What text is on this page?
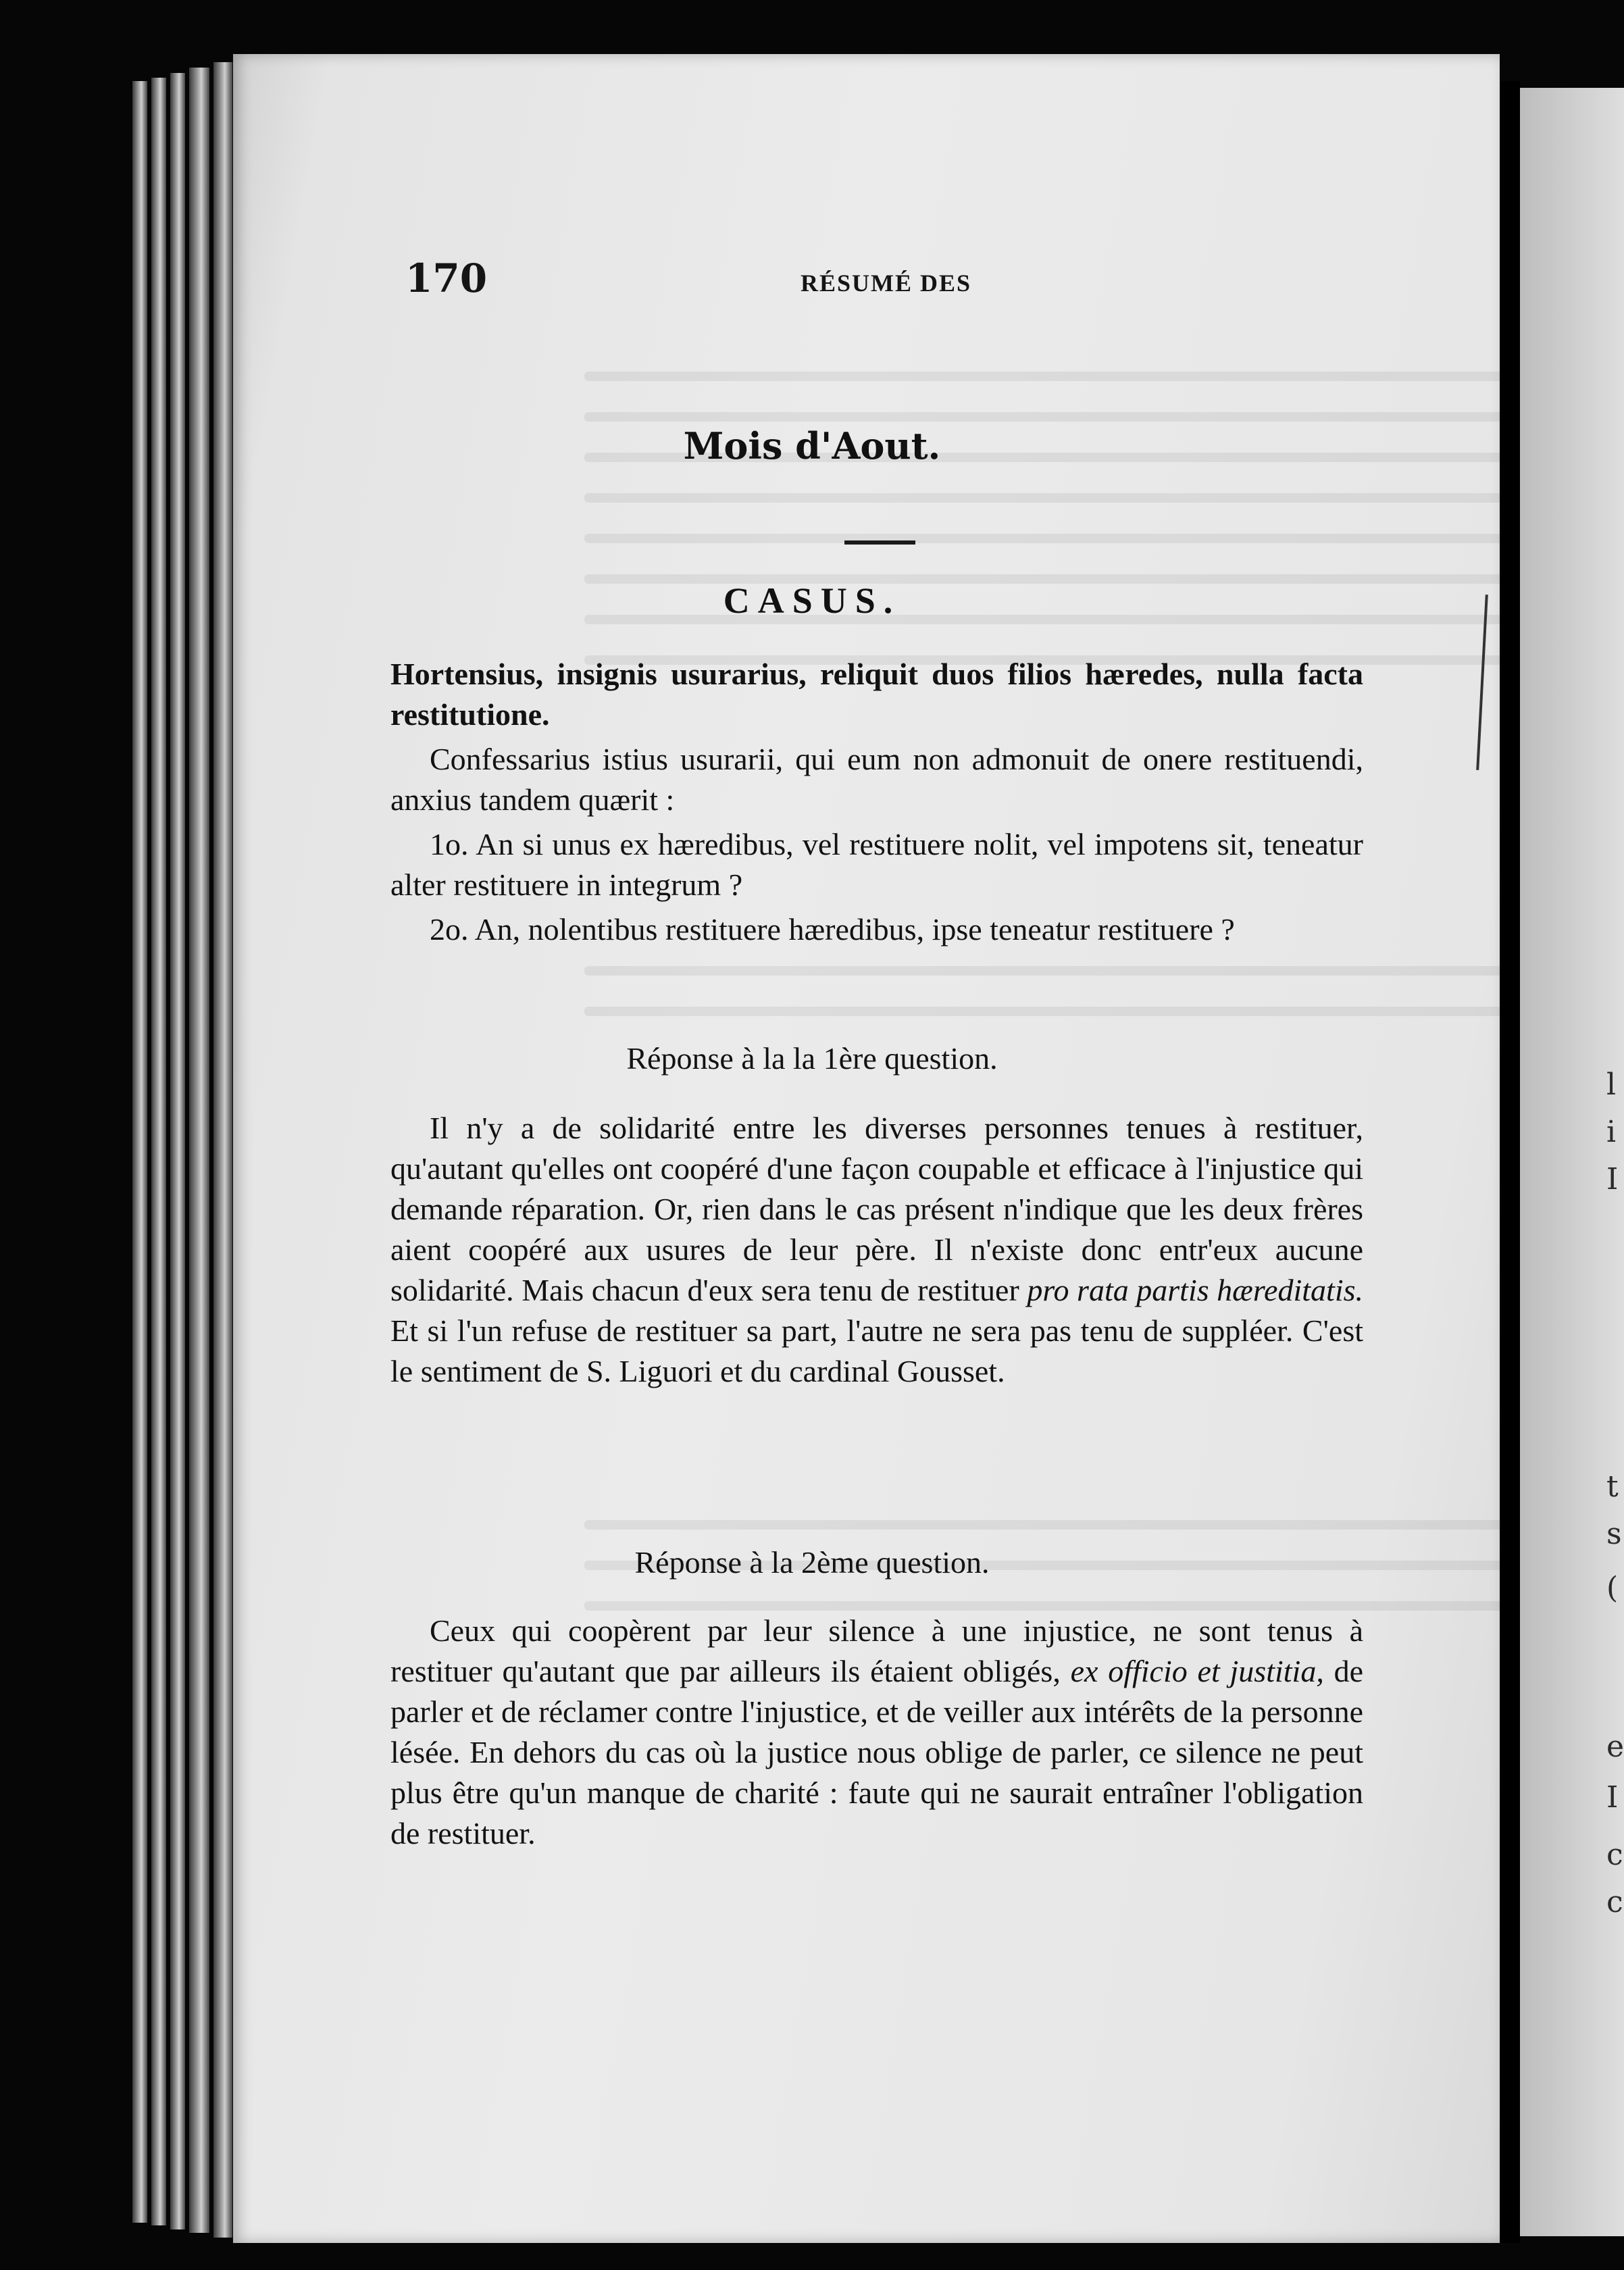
l
i
I
t
s
(
e
I
c
c
170	RÉSUMÉ DES
Mois d'Aout.
CASUS.

Hortensius, insignis usurarius, reliquit duos filios hæredes, nulla facta restitutione.

Confessarius istius usurarii, qui eum non admonuit de onere restituendi, anxius tandem quærit :

1o. An si unus ex hæredibus, vel restituere nolit, vel impotens sit, teneatur alter restituere in integrum ?

2o. An, nolentibus restituere hæredibus, ipse teneatur restituere ?

Réponse à la la 1ère question.

Il n'y a de solidarité entre les diverses personnes tenues à restituer, qu'autant qu'elles ont coopéré d'une façon coupable et efficace à l'injustice qui demande réparation. Or, rien dans le cas présent n'indique que les deux frères aient coopéré aux usures de leur père. Il n'existe donc entr'eux aucune solidarité. Mais chacun d'eux sera tenu de restituer pro rata partis hæreditatis. Et si l'un refuse de restituer sa part, l'autre ne sera pas tenu de suppléer. C'est le sentiment de S. Liguori et du cardinal Gousset.

Réponse à la 2ème question.

Ceux qui coopèrent par leur silence à une injustice, ne sont tenus à restituer qu'autant que par ailleurs ils étaient obligés, ex officio et justitia, de parler et de réclamer contre l'injustice, et de veiller aux intérêts de la personne lésée. En dehors du cas où la justice nous oblige de parler, ce silence ne peut plus être qu'un manque de charité : faute qui ne saurait entraîner l'obligation de restituer.
